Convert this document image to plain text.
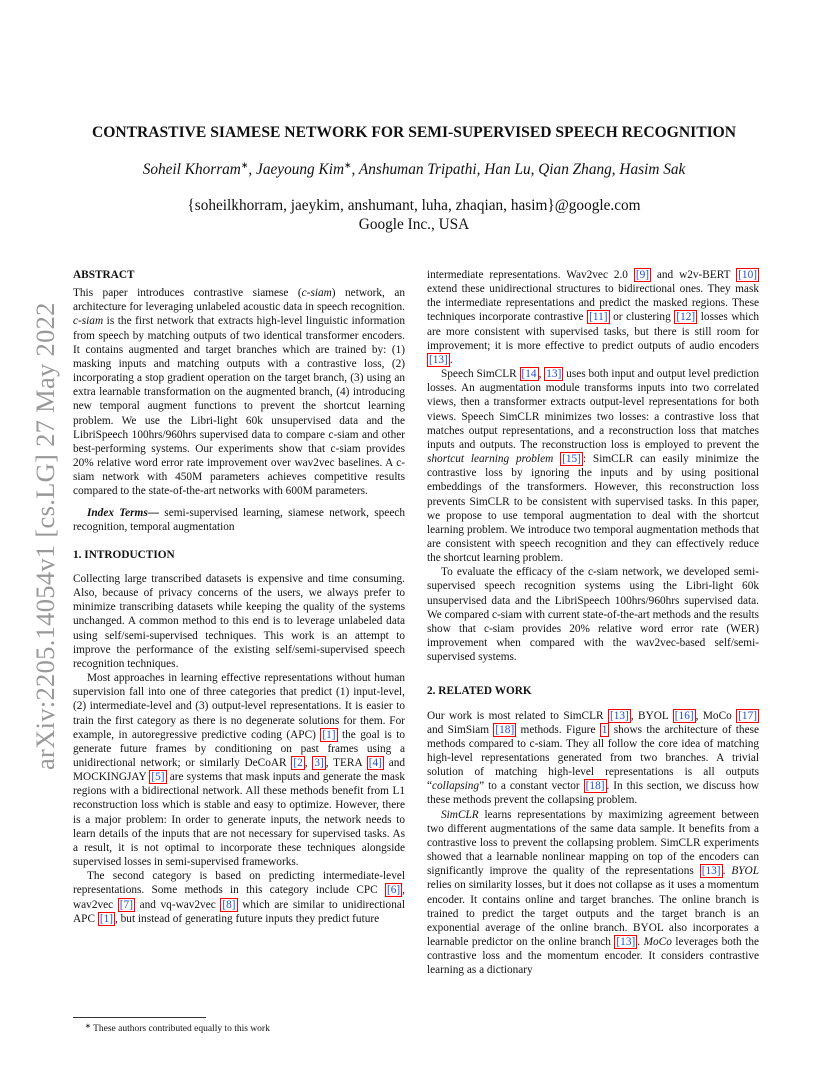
arXiv:2205.14054v1 [cs.LG] 27 May 2022
CONTRASTIVE SIAMESE NETWORK FOR SEMI-SUPERVISED SPEECH RECOGNITION

Soheil Khorram∗, Jaeyoung Kim∗, Anshuman Tripathi, Han Lu, Qian Zhang, Hasim Sak

{soheilkhorram, jaeykim, anshumant, luha, zhaqian, hasim}@google.com

Google Inc., USA

ABSTRACT

This paper introduces contrastive siamese (c-siam) network, an architecture for leveraging unlabeled acoustic data in speech recognition. c-siam is the first network that extracts high-level linguistic information from speech by matching outputs of two identical transformer encoders. It contains augmented and target branches which are trained by: (1) masking inputs and matching outputs with a contrastive loss, (2) incorporating a stop gradient operation on the target branch, (3) using an extra learnable transformation on the augmented branch, (4) introducing new temporal augment functions to prevent the shortcut learning problem. We use the Libri-light 60k unsupervised data and the LibriSpeech 100hrs/960hrs supervised data to compare c-siam and other best-performing systems. Our experiments show that c-siam provides 20% relative word error rate improvement over wav2vec baselines. A c-siam network with 450M parameters achieves competitive results compared to the state-of-the-art networks with 600M parameters.

Index Terms— semi-supervised learning, siamese network, speech recognition, temporal augmentation

1. INTRODUCTION

Collecting large transcribed datasets is expensive and time consuming. Also, because of privacy concerns of the users, we always prefer to minimize transcribing datasets while keeping the quality of the systems unchanged. A common method to this end is to leverage unlabeled data using self/semi-supervised techniques. This work is an attempt to improve the performance of the existing self/semi-supervised speech recognition techniques.

Most approaches in learning effective representations without human supervision fall into one of three categories that predict (1) input-level, (2) intermediate-level and (3) output-level representations. It is easier to train the first category as there is no degenerate solutions for them. For example, in autoregressive predictive coding (APC) [1] the goal is to generate future frames by conditioning on past frames using a unidirectional network; or similarly DeCoAR [2 , 3] , TERA [4] and MOCKINGJAY [5] are systems that mask inputs and generate the mask regions with a bidirectional network. All these methods benefit from L1 reconstruction loss which is stable and easy to optimize. However, there is a major problem: In order to generate inputs, the network needs to learn details of the inputs that are not necessary for supervised tasks. As a result, it is not optimal to incorporate these techniques alongside supervised losses in semi-supervised frameworks.

The second category is based on predicting intermediate-level representations. Some methods in this category include CPC [6] , wav2vec [7] and vq-wav2vec [8] which are similar to unidirectional APC [1] , but instead of generating future inputs they predict future

intermediate representations. Wav2vec 2.0 [9] and w2v-BERT [10] extend these unidirectional structures to bidirectional ones. They mask the intermediate representations and predict the masked regions. These techniques incorporate contrastive [11] or clustering [12] losses which are more consistent with supervised tasks, but there is still room for improvement; it is more effective to predict outputs of audio encoders [13] .

Speech SimCLR [14 , 13] uses both input and output level prediction losses. An augmentation module transforms inputs into two correlated views, then a transformer extracts output-level representations for both views. Speech SimCLR minimizes two losses: a contrastive loss that matches output representations, and a reconstruction loss that matches inputs and outputs. The reconstruction loss is employed to prevent the shortcut learning problem [15] : SimCLR can easily minimize the contrastive loss by ignoring the inputs and by using positional embeddings of the transformers. However, this reconstruction loss prevents SimCLR to be consistent with supervised tasks. In this paper, we propose to use temporal augmentation to deal with the shortcut learning problem. We introduce two temporal augmentation methods that are consistent with speech recognition and they can effectively reduce the shortcut learning problem.

To evaluate the efficacy of the c-siam network, we developed semi-supervised speech recognition systems using the Libri-light 60k unsupervised data and the LibriSpeech 100hrs/960hrs supervised data. We compared c-siam with current state-of-the-art methods and the results show that c-siam provides 20% relative word error rate (WER) improvement when compared with the wav2vec-based self/semi-supervised systems.

2. RELATED WORK

Our work is most related to SimCLR [13] , BYOL [16] , MoCo [17] and SimSiam [18] methods. Figure 1 shows the architecture of these methods compared to c-siam. They all follow the core idea of matching high-level representations generated from two branches. A trivial solution of matching high-level representations is all outputs “collapsing” to a constant vector [18] . In this section, we discuss how these methods prevent the collapsing problem.

SimCLR learns representations by maximizing agreement between two different augmentations of the same data sample. It benefits from a contrastive loss to prevent the collapsing problem. SimCLR experiments showed that a learnable nonlinear mapping on top of the encoders can significantly improve the quality of the representations [13] . BYOL relies on similarity losses, but it does not collapse as it uses a momentum encoder. It contains online and target branches. The online branch is trained to predict the target outputs and the target branch is an exponential average of the online branch. BYOL also incorporates a learnable predictor on the online branch [13] . MoCo leverages both the contrastive loss and the momentum encoder. It considers contrastive learning as a dictionary

∗ These authors contributed equally to this work
